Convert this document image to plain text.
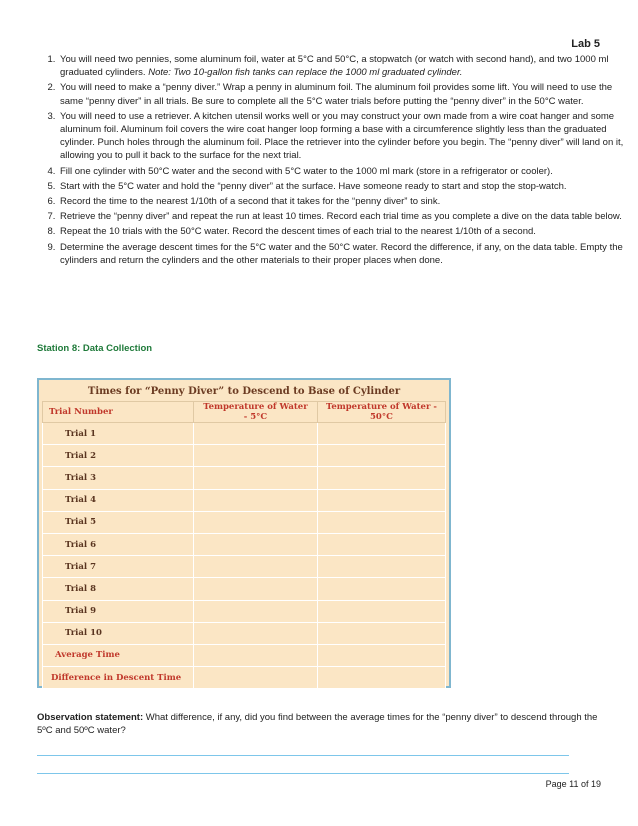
Lab 5
1. You will need two pennies, some aluminum foil, water at 5°C and 50°C, a stopwatch (or watch with second hand), and two 1000 ml graduated cylinders. Note: Two 10-gallon fish tanks can replace the 1000 ml graduated cylinder.
2. You will need to make a “penny diver.” Wrap a penny in aluminum foil. The aluminum foil provides some lift. You will need to use the same “penny diver” in all trials. Be sure to complete all the 5°C water trials before putting the “penny diver” in the 50°C water.
3. You will need to use a retriever. A kitchen utensil works well or you may construct your own made from a wire coat hanger and some aluminum foil. Aluminum foil covers the wire coat hanger loop forming a base with a circumference slightly less than the graduated cylinder. Punch holes through the aluminum foil. Place the retriever into the cylinder before you begin. The “penny diver” will land on it, allowing you to pull it back to the surface for the next trial.
4. Fill one cylinder with 50°C water and the second with 5°C water to the 1000 ml mark (store in a refrigerator or cooler).
5. Start with the 5°C water and hold the “penny diver” at the surface. Have someone ready to start and stop the stop-watch.
6. Record the time to the nearest 1/10th of a second that it takes for the “penny diver” to sink.
7. Retrieve the “penny diver” and repeat the run at least 10 times. Record each trial time as you complete a dive on the data table below.
8. Repeat the 10 trials with the 50°C water. Record the descent times of each trial to the nearest 1/10th of a second.
9. Determine the average descent times for the 5°C water and the 50°C water. Record the difference, if any, on the data table. Empty the cylinders and return the cylinders and the other materials to their proper places when done.
Station 8: Data Collection
Times for “Penny Diver” to Descend to Base of Cylinder
Trial Number	Temperature of Water - 5°C	Temperature of Water - 50°C
Trial 1		
Trial 2		
Trial 3		
Trial 4		
Trial 5		
Trial 6		
Trial 7		
Trial 8		
Trial 9		
Trial 10		
Average Time		
Difference in Descent Time		
Observation statement: What difference, if any, did you find between the average times for the “penny diver” to descend through the 5ºC and 50ºC water?
Page 11 of 19
